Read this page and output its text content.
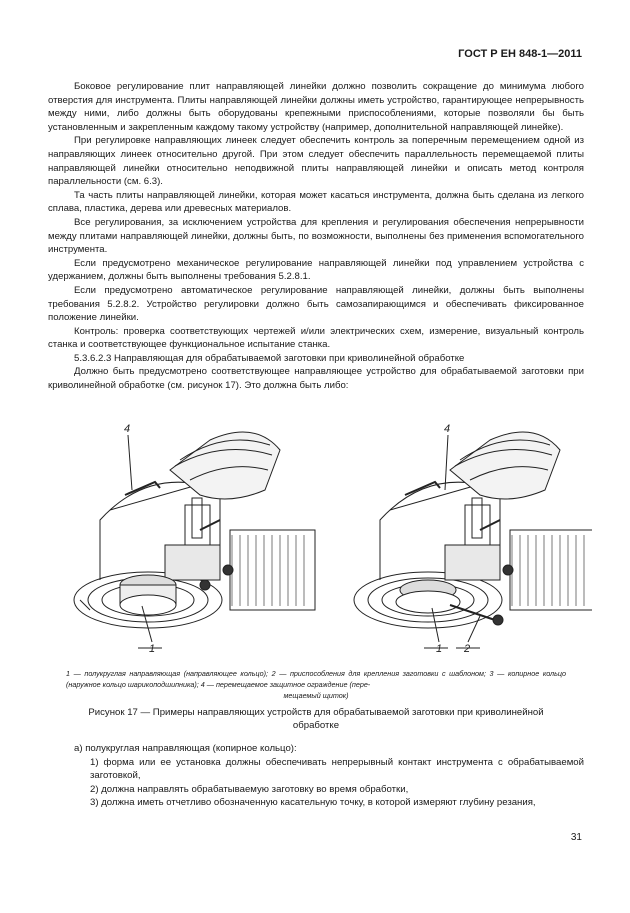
ГОСТ Р ЕН 848-1—2011

Боковое регулирование плит направляющей линейки должно позволить сокращение до минимума любого отверстия для инструмента. Плиты направляющей линейки должны иметь устройство, гарантирующее непрерывность между ними, либо должны быть оборудованы крепежными приспособлениями, которые позволяли бы быть установленным и закрепленным каждому такому устройству (например, дополнительной направляющей линейке).

При регулировке направляющих линеек следует обеспечить контроль за поперечным перемещением одной из направляющих линеек относительно другой. При этом следует обеспечить параллельность перемещаемой плиты направляющей линейки относительно неподвижной плиты направляющей линейки и описать метод контроля параллельности (см. 6.3).

Та часть плиты направляющей линейки, которая может касаться инструмента, должна быть сделана из легкого сплава, пластика, дерева или древесных материалов.

Все регулирования, за исключением устройства для крепления и регулирования обеспечения непрерывности между плитами направляющей линейки, должны быть, по возможности, выполнены без применения вспомогательного инструмента.

Если предусмотрено механическое регулирование направляющей линейки под управлением устройства с удержанием, должны быть выполнены требования 5.2.8.1.

Если предусмотрено автоматическое регулирование направляющей линейки, должны быть выполнены требования 5.2.8.2. Устройство регулировки должно быть самозапирающимся и обеспечивать фиксированное положение линейки.

Контроль: проверка соответствующих чертежей и/или электрических схем, измерение, визуальный контроль станка и соответствующее функциональное испытание станка.

5.3.6.2.3 Направляющая для обрабатываемой заготовки при криволинейной обработке

Должно быть предусмотрено соответствующее направляющее устройство для обрабатываемой заготовки при криволинейной обработке (см. рисунок 17). Это должна быть либо:

4
1
4
1 2
1 — полукруглая направляющая (направляющее кольцо); 2 — приспособления для крепления заготовки с шаблоном; 3 — копирное кольцо (наружное кольцо шарикоподшипника); 4 — перемещаемое защитное ограждение (пере-
мещаемый щиток)
Рисунок 17 — Примеры направляющих устройств для обрабатываемой заготовки при криволинейной
обработке

а) полукруглая направляющая (копирное кольцо):

1) форма или ее установка должны обеспечивать непрерывный контакт инструмента с обрабатываемой заготовкой,

2) должна направлять обрабатываемую заготовку во время обработки,

3) должна иметь отчетливо обозначенную касательную точку, в которой измеряют глубину резания,

31
